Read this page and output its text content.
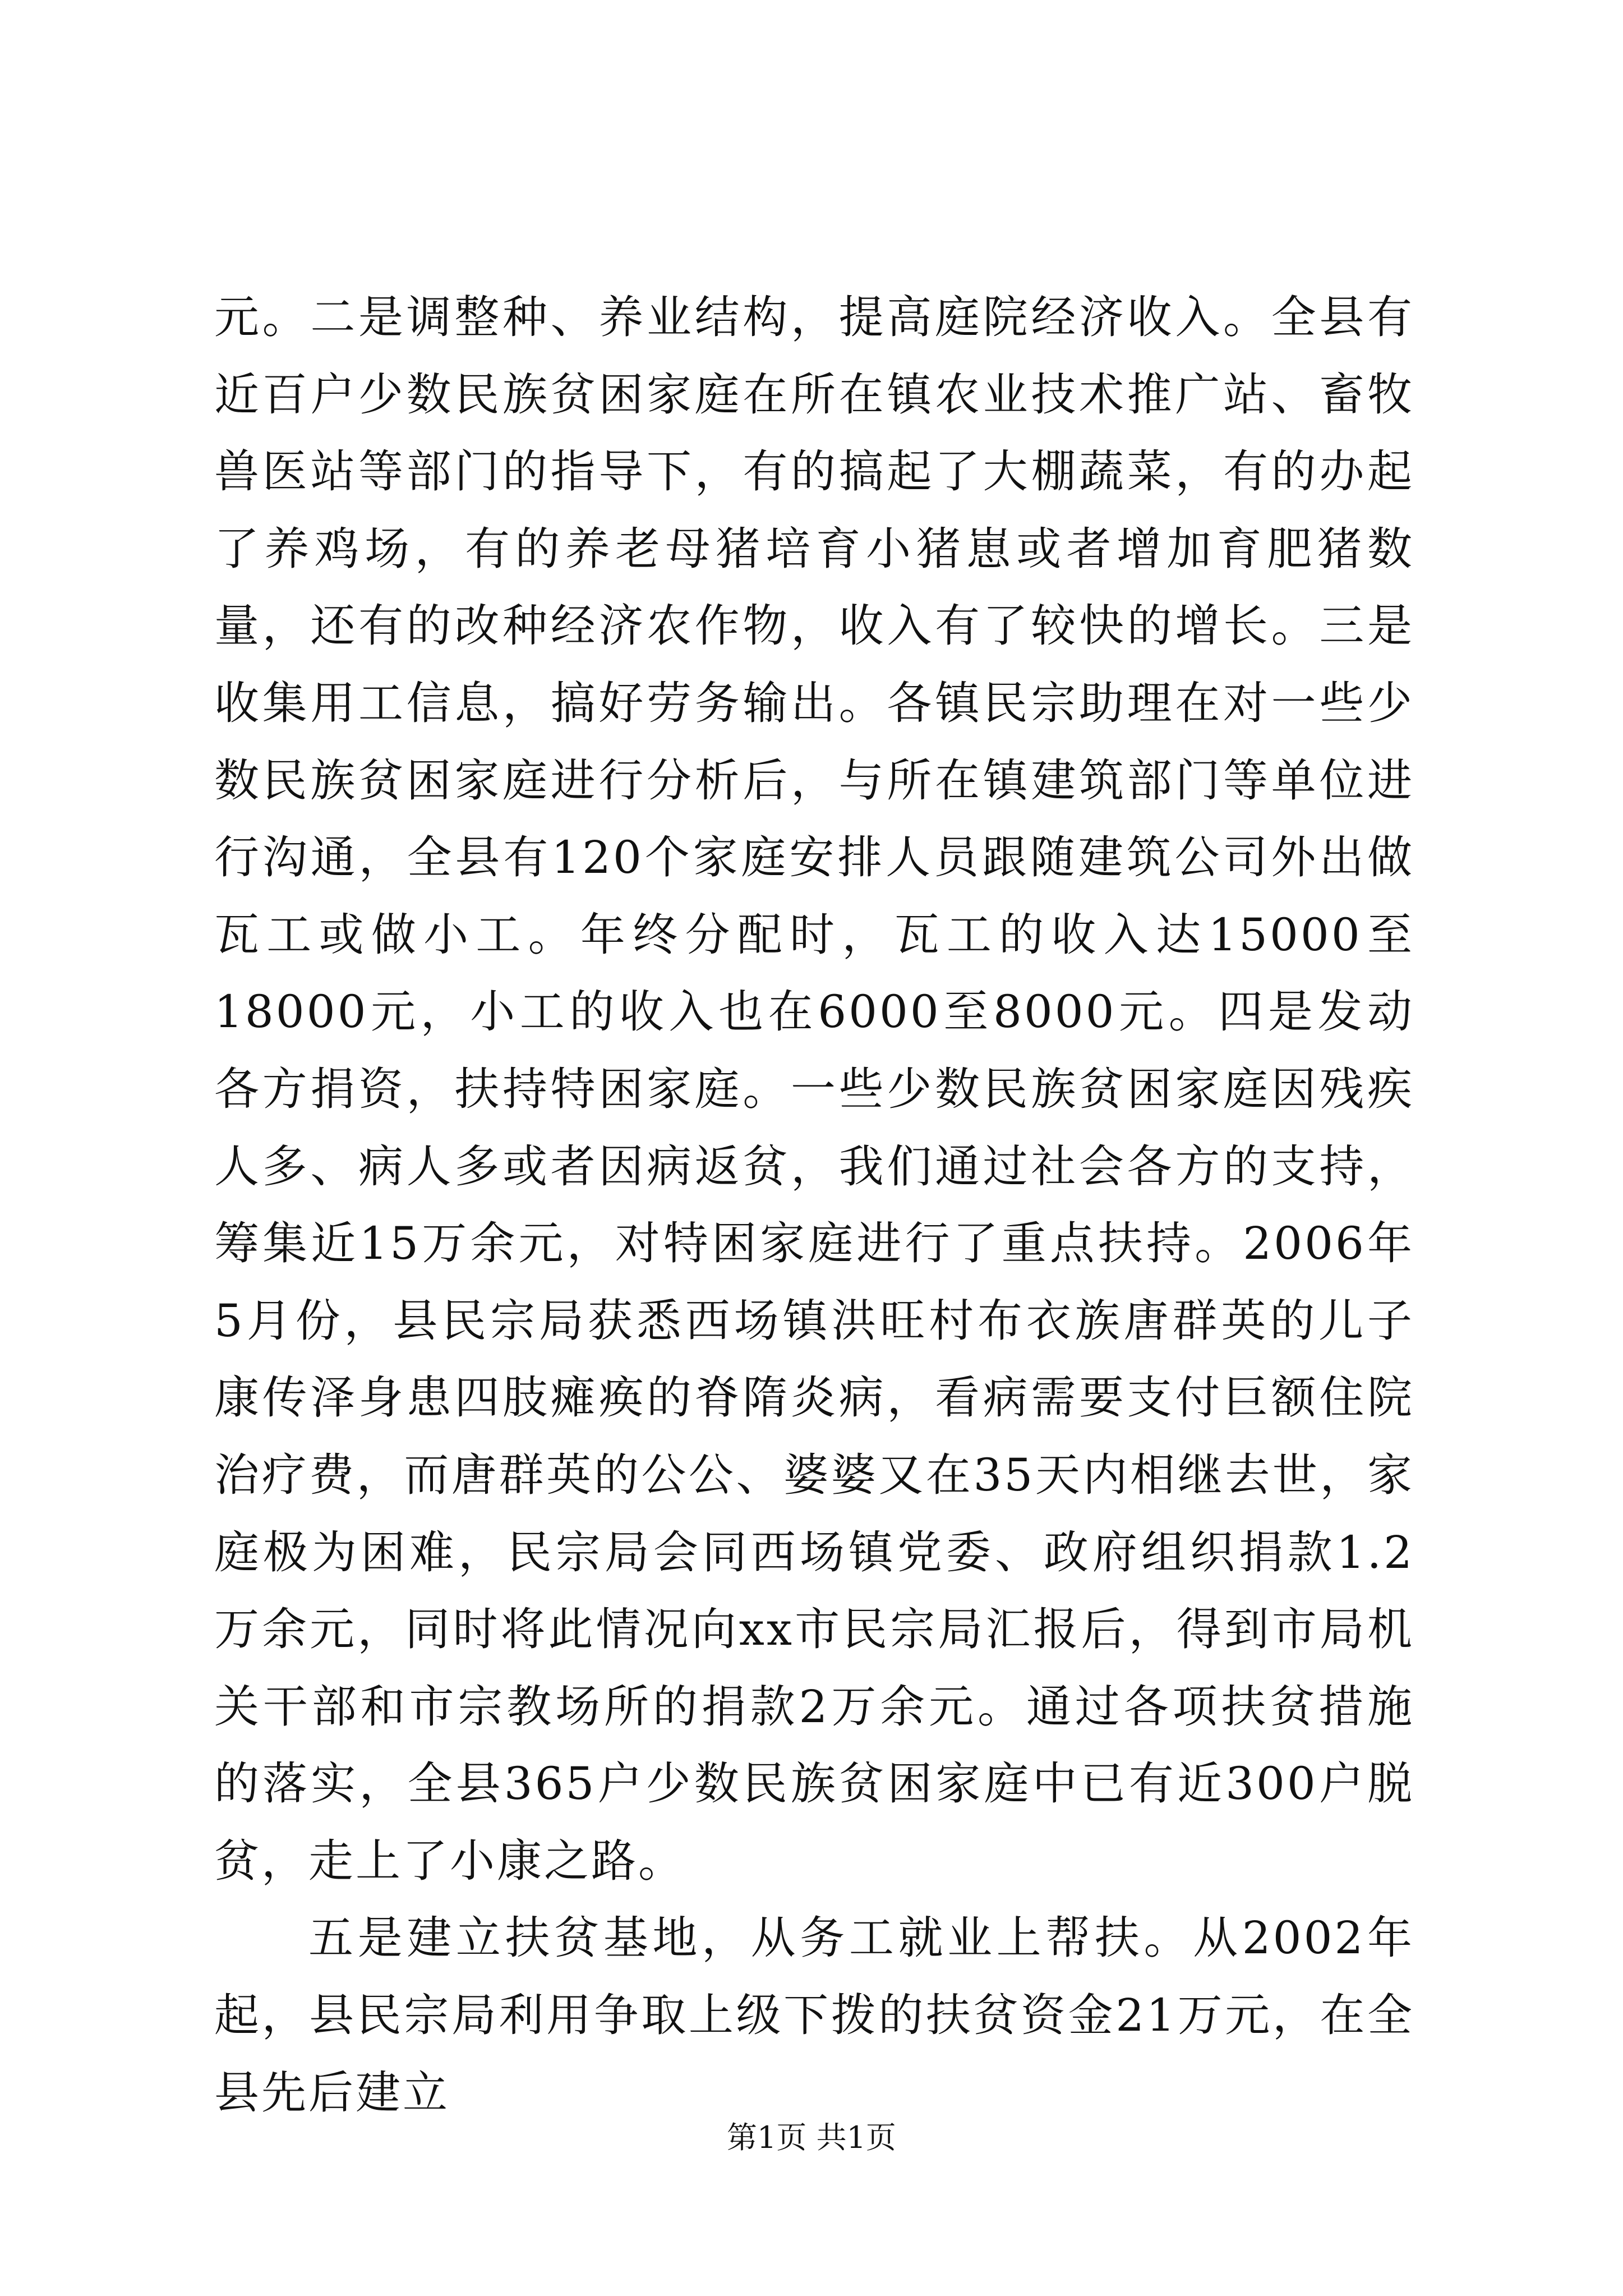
元。二是调整种、养业结构，提高庭院经济收入。全县有近百户少数民族贫困家庭在所在镇农业技术推广站、畜牧兽医站等部门的指导下，有的搞起了大棚蔬菜，有的办起了养鸡场，有的养老母猪培育小猪崽或者增加育肥猪数量，还有的改种经济农作物，收入有了较快的增长。三是收集用工信息，搞好劳务输出。各镇民宗助理在对一些少数民族贫困家庭进行分析后，与所在镇建筑部门等单位进行沟通，全县有120个家庭安排人员跟随建筑公司外出做瓦工或做小工。年终分配时，瓦工的收入达15000至18000元，小工的收入也在6000至8000元。四是发动各方捐资，扶持特困家庭。一些少数民族贫困家庭因残疾人多、病人多或者因病返贫，我们通过社会各方的支持，筹集近15万余元，对特困家庭进行了重点扶持。2006年5月份，县民宗局获悉西场镇洪旺村布衣族唐群英的儿子康传泽身患四肢瘫痪的脊隋炎病，看病需要支付巨额住院治疗费，而唐群英的公公、婆婆又在35天内相继去世，家庭极为困难，民宗局会同西场镇党委、政府组织捐款1.2万余元，同时将此情况向xx市民宗局汇报后，得到市局机关干部和市宗教场所的捐款2万余元。通过各项扶贫措施的落实，全县365户少数民族贫困家庭中已有近300户脱贫，走上了小康之路。

五是建立扶贫基地，从务工就业上帮扶。从2002年起，县民宗局利用争取上级下拨的扶贫资金21万元，在全县先后建立

第1页 共1页
